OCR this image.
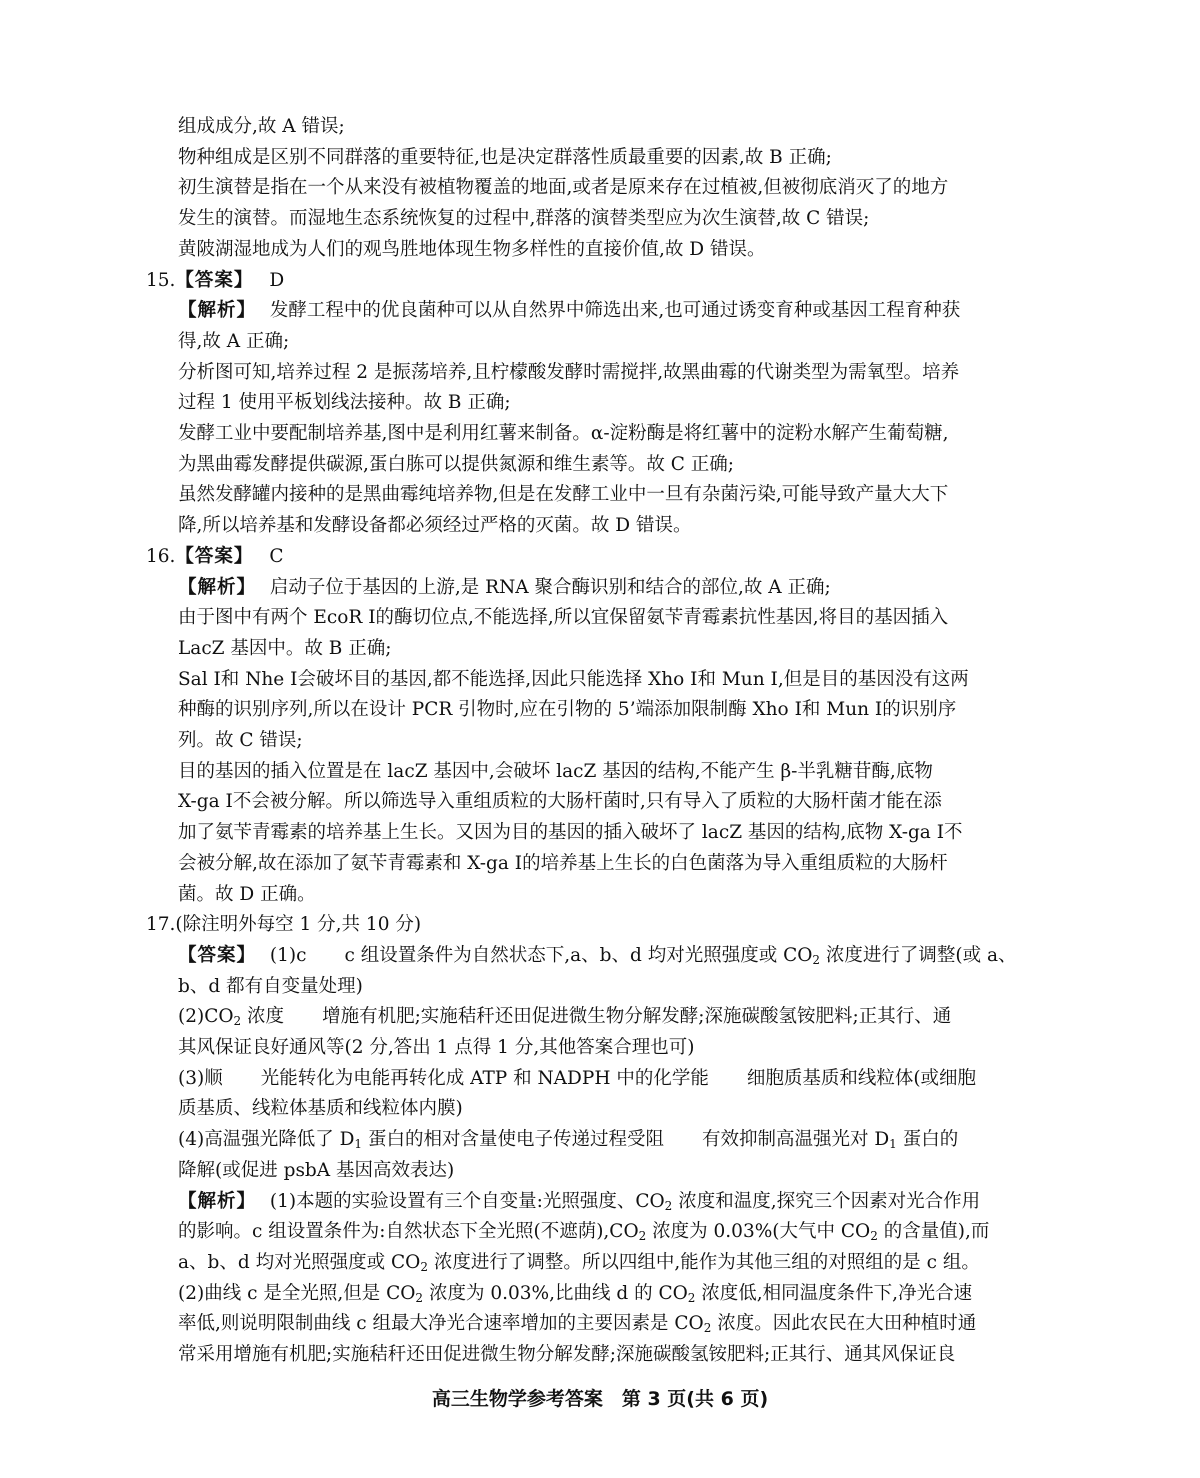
组成成分,故 A 错误;
物种组成是区别不同群落的重要特征,也是决定群落性质最重要的因素,故 B 正确;
初生演替是指在一个从来没有被植物覆盖的地面,或者是原来存在过植被,但被彻底消灭了的地方
发生的演替。而湿地生态系统恢复的过程中,群落的演替类型应为次生演替,故 C 错误;
黄陂湖湿地成为人们的观鸟胜地体现生物多样性的直接价值,故 D 错误。
15.【答案】 D
【解析】 发酵工程中的优良菌种可以从自然界中筛选出来,也可通过诱变育种或基因工程育种获
得,故 A 正确;
分析图可知,培养过程 2 是振荡培养,且柠檬酸发酵时需搅拌,故黑曲霉的代谢类型为需氧型。培养
过程 1 使用平板划线法接种。故 B 正确;
发酵工业中要配制培养基,图中是利用红薯来制备。α-淀粉酶是将红薯中的淀粉水解产生葡萄糖,
为黑曲霉发酵提供碳源,蛋白胨可以提供氮源和维生素等。故 C 正确;
虽然发酵罐内接种的是黑曲霉纯培养物,但是在发酵工业中一旦有杂菌污染,可能导致产量大大下
降,所以培养基和发酵设备都必须经过严格的灭菌。故 D 错误。
16.【答案】 C
【解析】 启动子位于基因的上游,是 RNA 聚合酶识别和结合的部位,故 A 正确;
由于图中有两个 EcoR Ⅰ的酶切位点,不能选择,所以宜保留氨苄青霉素抗性基因,将目的基因插入
LacZ 基因中。故 B 正确;
Sal Ⅰ和 Nhe Ⅰ会破坏目的基因,都不能选择,因此只能选择 Xho Ⅰ和 Mun Ⅰ,但是目的基因没有这两
种酶的识别序列,所以在设计 PCR 引物时,应在引物的 5’端添加限制酶 Xho Ⅰ和 Mun Ⅰ的识别序
列。故 C 错误;
目的基因的插入位置是在 lacZ 基因中,会破坏 lacZ 基因的结构,不能产生 β-半乳糖苷酶,底物
X-ga Ⅰ不会被分解。所以筛选导入重组质粒的大肠杆菌时,只有导入了质粒的大肠杆菌才能在添
加了氨苄青霉素的培养基上生长。又因为目的基因的插入破坏了 lacZ 基因的结构,底物 X-ga Ⅰ不
会被分解,故在添加了氨苄青霉素和 X-ga Ⅰ的培养基上生长的白色菌落为导入重组质粒的大肠杆
菌。故 D 正确。
17.(除注明外每空 1 分,共 10 分)
【答案】 (1)c c 组设置条件为自然状态下,a、b、d 均对光照强度或 $CO_2$ 浓度进行了调整(或 a、
b、d 都有自变量处理)
$(2)CO_2$ 浓度 增施有机肥;实施秸秆还田促进微生物分解发酵;深施碳酸氢铵肥料;正其行、通
其风保证良好通风等(2 分,答出 1 点得 1 分,其他答案合理也可)
(3)顺 光能转化为电能再转化成 ATP 和 NADPH 中的化学能 细胞质基质和线粒体(或细胞
质基质、线粒体基质和线粒体内膜)
(4)高温强光降低了 $D_1$ 蛋白的相对含量使电子传递过程受阻 有效抑制高温强光对 $D_1$ 蛋白的
降解(或促进 psbA 基因高效表达)
【解析】 (1)本题的实验设置有三个自变量:光照强度、$CO_2$ 浓度和温度,探究三个因素对光合作用
的影响。c 组设置条件为:自然状态下全光照(不遮荫)$,CO_2$ 浓度为 0.03%(大气中 $CO_2$ 的含量值),而
a、b、d 均对光照强度或 $CO_2$ 浓度进行了调整。所以四组中,能作为其他三组的对照组的是 c 组。
(2)曲线 c 是全光照,但是 $CO_2$ 浓度为 0.03%,比曲线 d 的 $CO_2$ 浓度低,相同温度条件下,净光合速
率低,则说明限制曲线 c 组最大净光合速率增加的主要因素是 $CO_2$ 浓度。因此农民在大田种植时通
常采用增施有机肥;实施秸秆还田促进微生物分解发酵;深施碳酸氢铵肥料;正其行、通其风保证良
高三生物学参考答案　第 3 页(共 6 页)
